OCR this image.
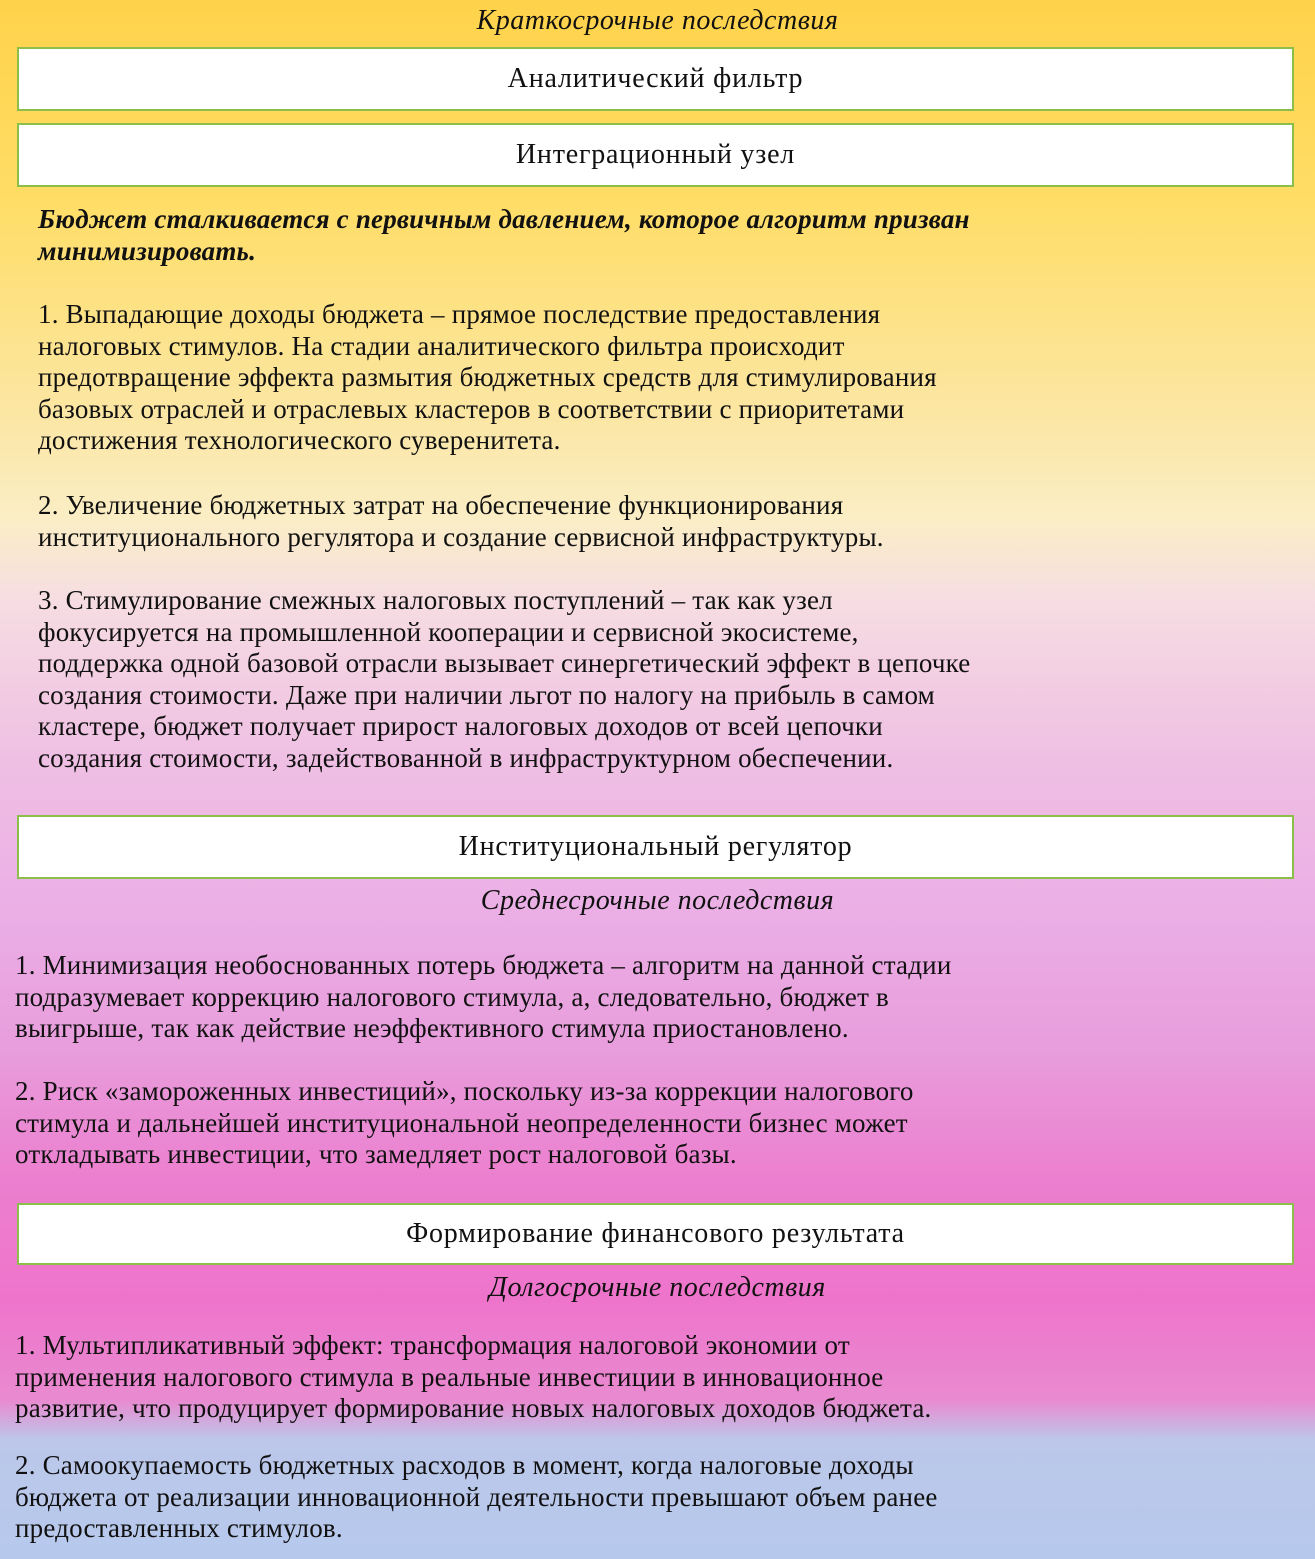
Краткосрочные последствия
Аналитический фильтр
Интеграционный узел
Бюджет сталкивается с первичным давлением, которое алгоритм призван
минимизировать.
1. Выпадающие доходы бюджета – прямое последствие предоставления
налоговых стимулов. На стадии аналитического фильтра происходит
предотвращение эффекта размытия бюджетных средств для стимулирования
базовых отраслей и отраслевых кластеров в соответствии с приоритетами
достижения технологического суверенитета.
2. Увеличение бюджетных затрат на обеспечение функционирования
институционального регулятора и создание сервисной инфраструктуры.
3. Стимулирование смежных налоговых поступлений – так как узел
фокусируется на промышленной кооперации и сервисной экосистеме,
поддержка одной базовой отрасли вызывает синергетический эффект в цепочке
создания стоимости. Даже при наличии льгот по налогу на прибыль в самом
кластере, бюджет получает прирост налоговых доходов от всей цепочки
создания стоимости, задействованной в инфраструктурном обеспечении.
Институциональный регулятор
Среднесрочные последствия
1. Минимизация необоснованных потерь бюджета – алгоритм на данной стадии
подразумевает коррекцию налогового стимула, а, следовательно, бюджет в
выигрыше, так как действие неэффективного стимула приостановлено.
2. Риск «замороженных инвестиций», поскольку из-за коррекции налогового
стимула и дальнейшей институциональной неопределенности бизнес может
откладывать инвестиции, что замедляет рост налоговой базы.
Формирование финансового результата
Долгосрочные последствия
1. Мультипликативный эффект: трансформация налоговой экономии от
применения налогового стимула в реальные инвестиции в инновационное
развитие, что продуцирует формирование новых налоговых доходов бюджета.
2. Самоокупаемость бюджетных расходов в момент, когда налоговые доходы
бюджета от реализации инновационной деятельности превышают объем ранее
предоставленных стимулов.
